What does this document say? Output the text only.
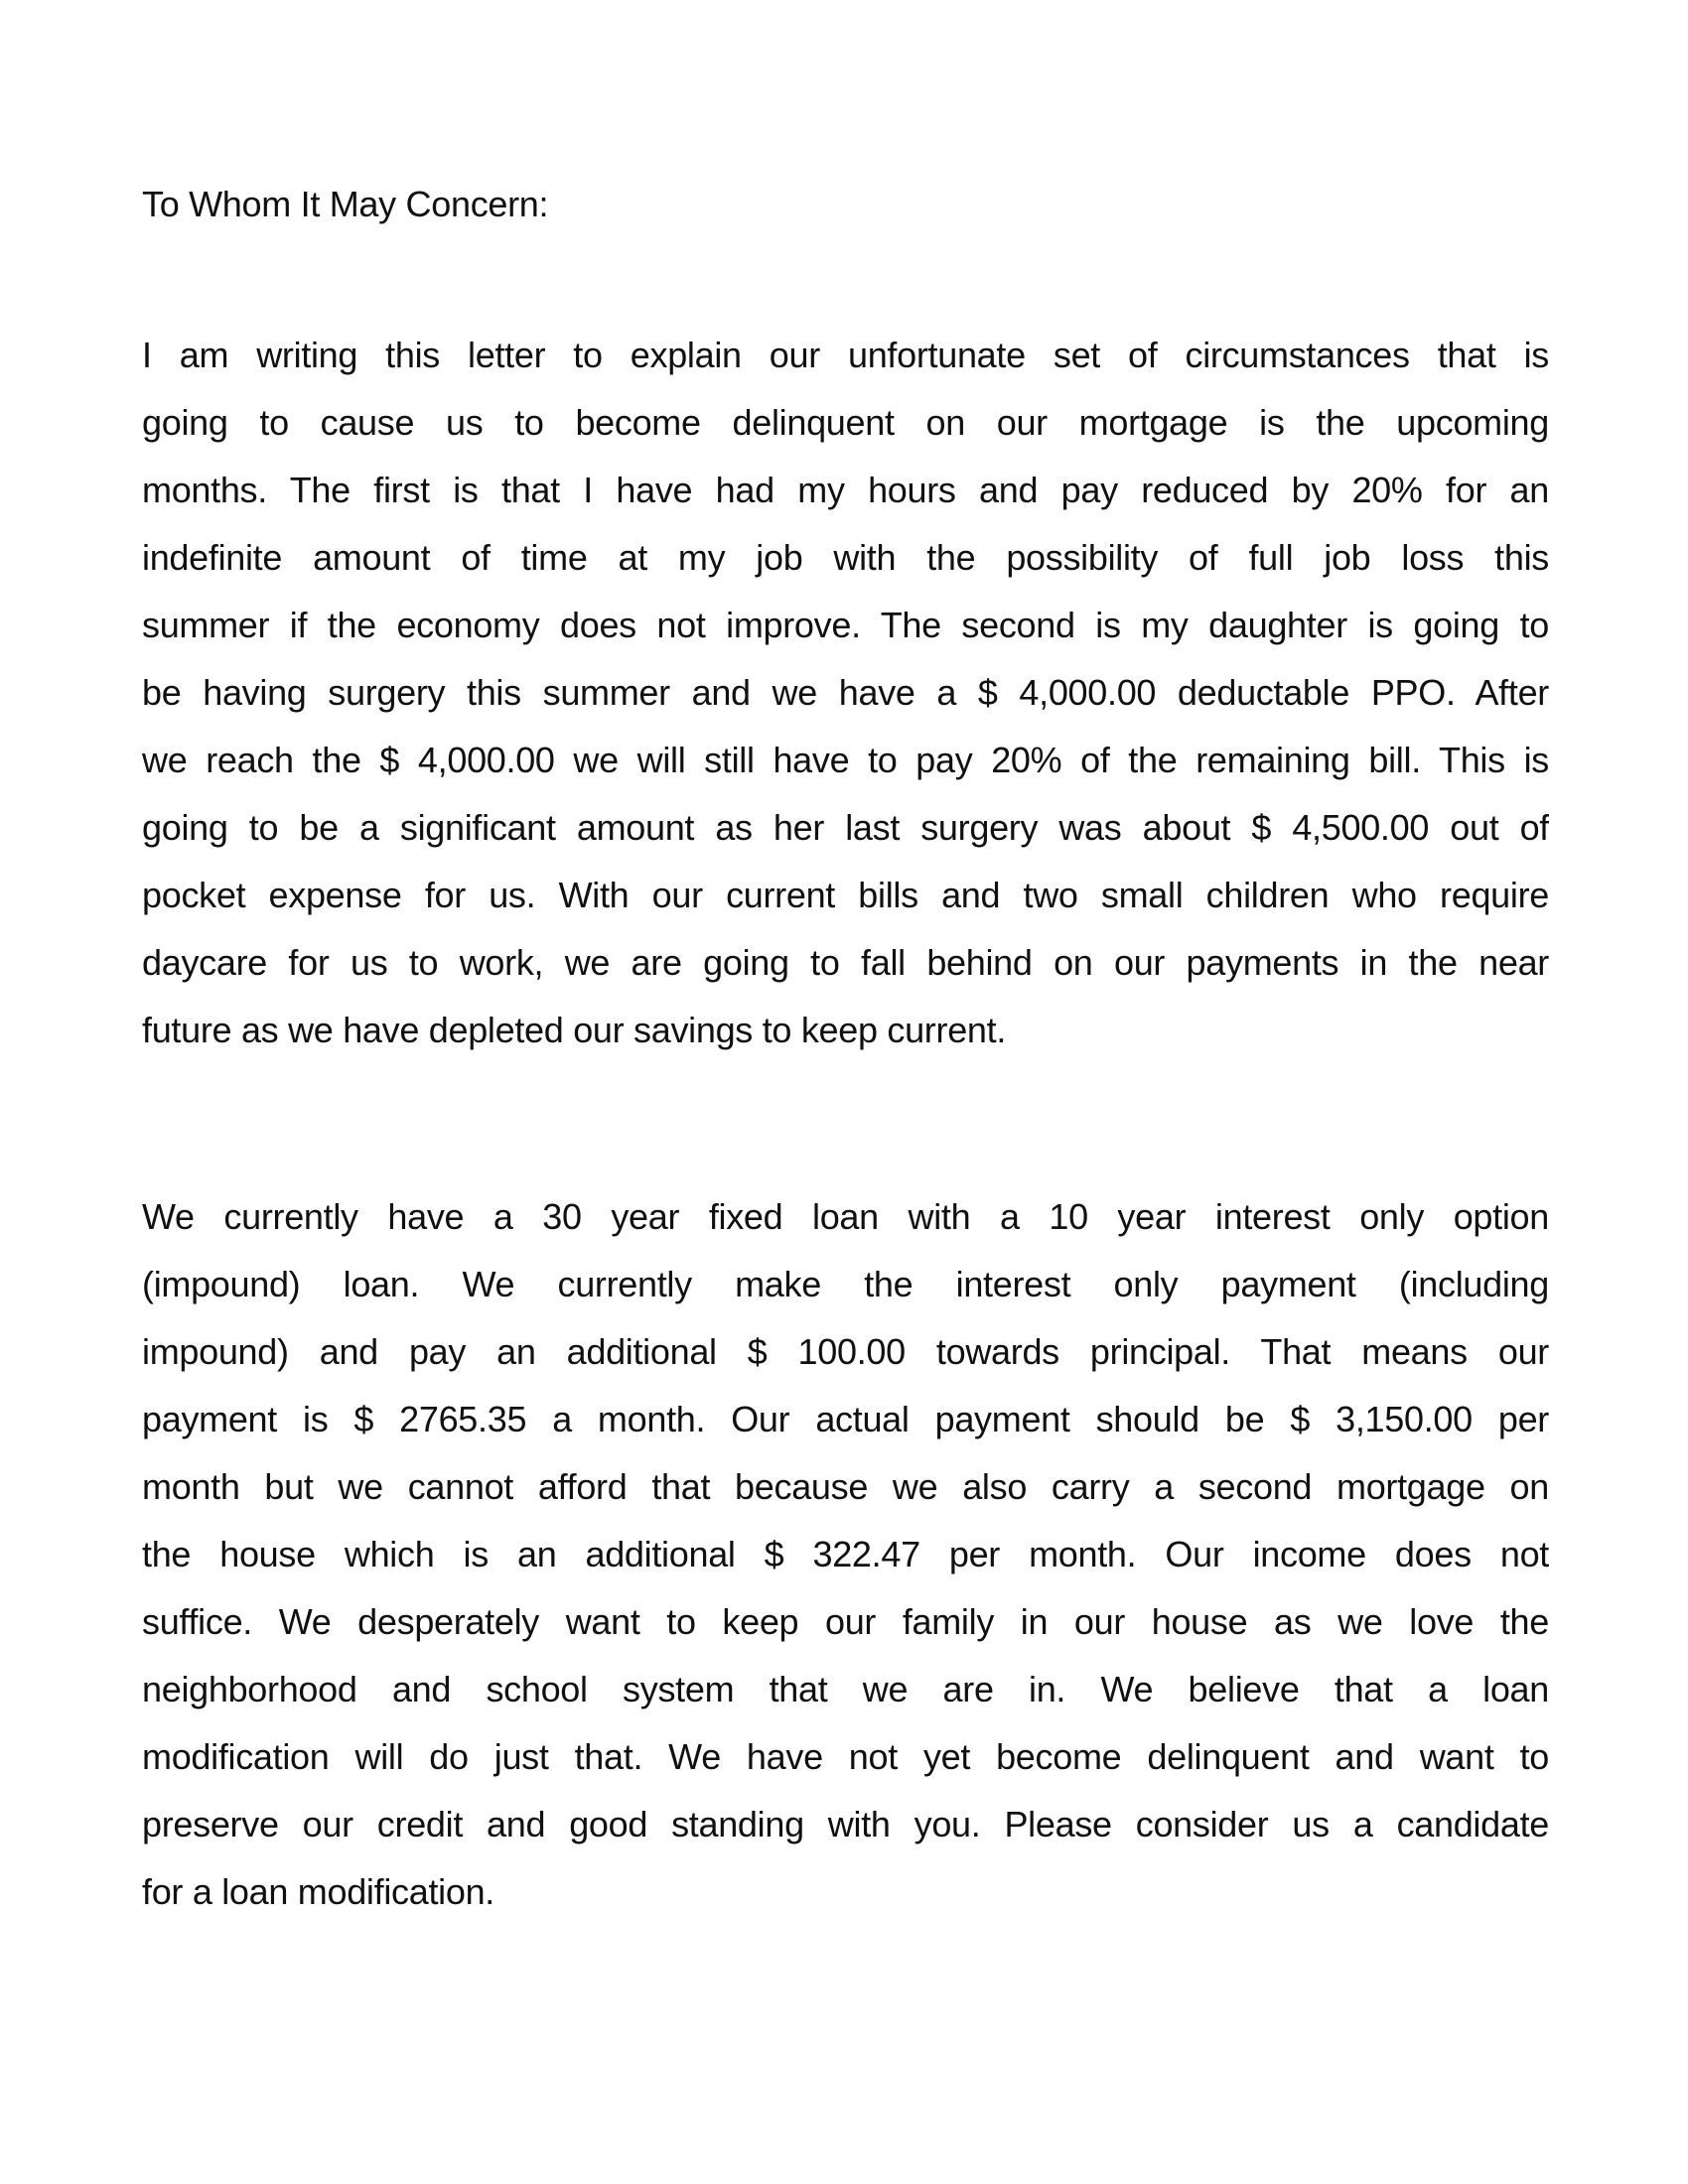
To Whom It May Concern:
I am writing this letter to explain our unfortunate set of circumstances that is
going to cause us to become delinquent on our mortgage is the upcoming
months. The first is that I have had my hours and pay reduced by 20% for an
indefinite amount of time at my job with the possibility of full job loss this
summer if the economy does not improve. The second is my daughter is going to
be having surgery this summer and we have a $ 4,000.00 deductable PPO. After
we reach the $ 4,000.00 we will still have to pay 20% of the remaining bill. This is
going to be a significant amount as her last surgery was about $ 4,500.00 out of
pocket expense for us. With our current bills and two small children who require
daycare for us to work, we are going to fall behind on our payments in the near
future as we have depleted our savings to keep current.
We currently have a 30 year fixed loan with a 10 year interest only option
(impound) loan. We currently make the interest only payment (including
impound) and pay an additional $ 100.00 towards principal. That means our
payment is $ 2765.35 a month. Our actual payment should be $ 3,150.00 per
month but we cannot afford that because we also carry a second mortgage on
the house which is an additional $ 322.47 per month. Our income does not
suffice. We desperately want to keep our family in our house as we love the
neighborhood and school system that we are in. We believe that a loan
modification will do just that. We have not yet become delinquent and want to
preserve our credit and good standing with you. Please consider us a candidate
for a loan modification.
